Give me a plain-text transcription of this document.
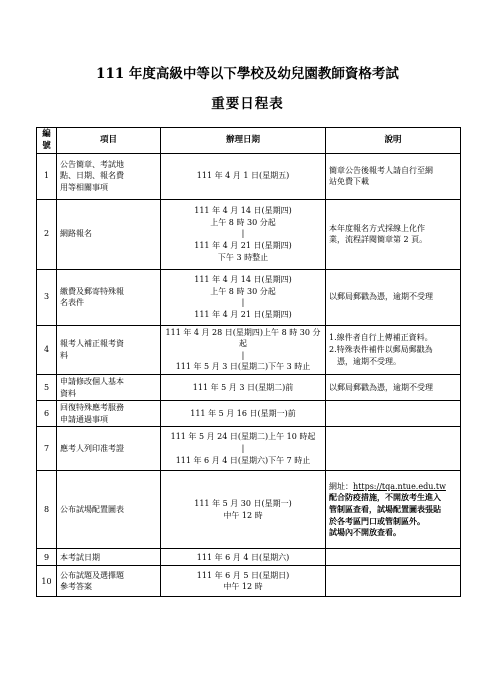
111 年度高級中等以下學校及幼兒園教師資格考試
重要日程表
編號	項目	辦理日期	說明
1	公告簡章、考試地
點、日期、報名費
用等相關事項	111 年 4 月 1 日(星期五)	簡章公告後報考人請自行至網
站免費下載

2	網路報名	111 年 4 月 14 日(星期四)
上午 8 時 30 分起
|
111 年 4 月 21 日(星期四)
下午 3 時整止	本年度報名方式採線上化作
業，流程詳閱簡章第 2 頁。

3	繳費及郵寄特殊報
名表件	111 年 4 月 14 日(星期四)
上午 8 時 30 分起
|
111 年 4 月 21 日(星期四)	以郵局郵戳為憑，逾期不受理

4	報考人補正報考資
料	111 年 4 月 28 日(星期四)上午 8 時 30 分起
|
111 年 5 月 3 日(星期二)下午 3 時止	1.線件者自行上傳補正資料。
2.特殊表件補件以郵局郵戳為
憑，逾期不受理。

5	申請修改個人基本
資料	111 年 5 月 3 日(星期二)前	以郵局郵戳為憑，逾期不受理

6	回復特殊應考服務
申請通過事項	111 年 5 月 16 日(星期一)前	

7	應考人列印准考證	111 年 5 月 24 日(星期二)上午 10 時起
|
111 年 6 月 4 日(星期六)下午 7 時止	

8	公布試場配置圖表	111 年 5 月 30 日(星期一)
中午 12 時	網址：https://tqa.ntue.edu.tw
配合防疫措施，不開放考生進入
管制區查看，試場配置圖表張貼
於各考區門口或管制區外。
試場內不開放查看。

9	本考試日期	111 年 6 月 4 日(星期六)	

10	公布試題及選擇題
參考答案	111 年 6 月 5 日(星期日)
中午 12 時	
